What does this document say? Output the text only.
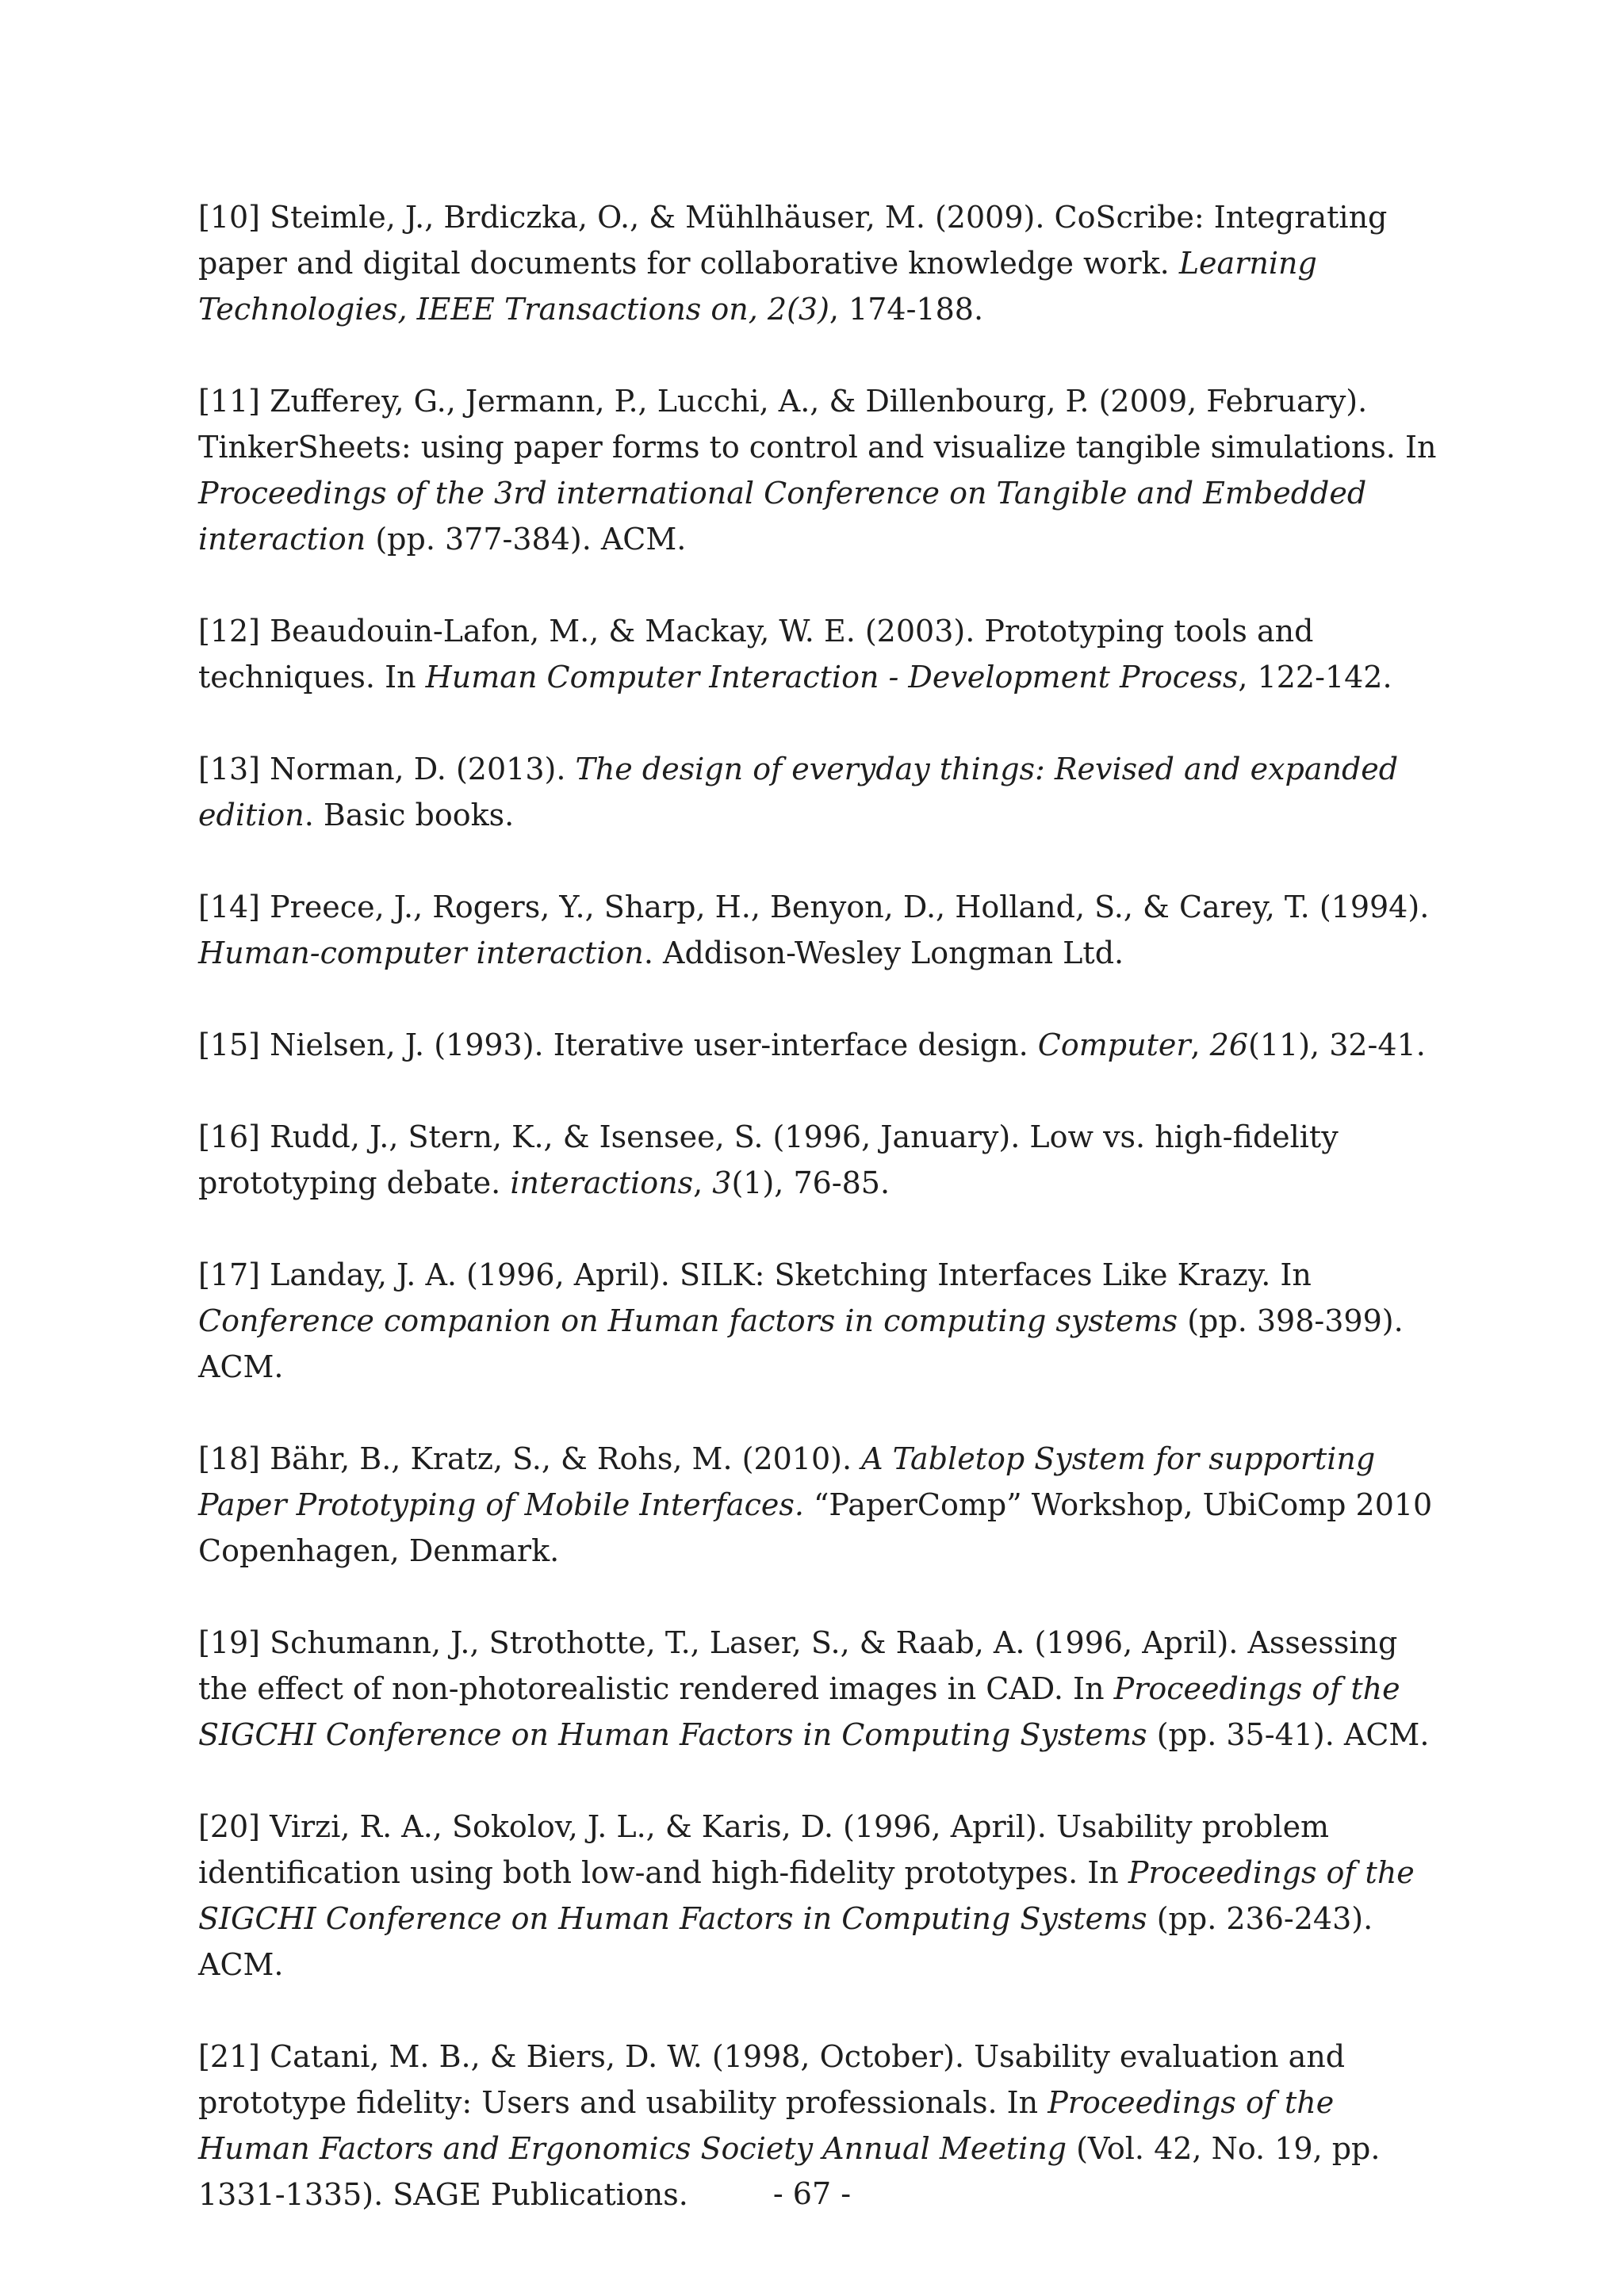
[10] Steimle, J., Brdiczka, O., & Mühlhäuser, M. (2009). CoScribe: Integrating paper and digital documents for collaborative knowledge work. Learning Technologies, IEEE Transactions on, 2(3), 174-188.

[11] Zufferey, G., Jermann, P., Lucchi, A., & Dillenbourg, P. (2009, February). TinkerSheets: using paper forms to control and visualize tangible simulations. In Proceedings of the 3rd international Conference on Tangible and Embedded interaction (pp. 377-384). ACM.

[12] Beaudouin-Lafon, M., & Mackay, W. E. (2003). Prototyping tools and techniques. In Human Computer Interaction - Development Process, 122-142.

[13] Norman, D. (2013). The design of everyday things: Revised and expanded edition. Basic books.

[14] Preece, J., Rogers, Y., Sharp, H., Benyon, D., Holland, S., & Carey, T. (1994). Human-computer interaction. Addison-Wesley Longman Ltd.

[15] Nielsen, J. (1993). Iterative user-interface design. Computer, 26(11), 32-41.

[16] Rudd, J., Stern, K., & Isensee, S. (1996, January). Low vs. high-fidelity prototyping debate. interactions, 3(1), 76-85.

[17] Landay, J. A. (1996, April). SILK: Sketching Interfaces Like Krazy. In Conference companion on Human factors in computing systems (pp. 398-399). ACM.

[18] Bähr, B., Kratz, S., & Rohs, M. (2010). A Tabletop System for supporting Paper Prototyping of Mobile Interfaces. “PaperComp” Workshop, UbiComp 2010 Copenhagen, Denmark.

[19] Schumann, J., Strothotte, T., Laser, S., & Raab, A. (1996, April). Assessing the effect of non-photorealistic rendered images in CAD. In Proceedings of the SIGCHI Conference on Human Factors in Computing Systems (pp. 35-41). ACM.

[20] Virzi, R. A., Sokolov, J. L., & Karis, D. (1996, April). Usability problem identification using both low-and high-fidelity prototypes. In Proceedings of the SIGCHI Conference on Human Factors in Computing Systems (pp. 236-243). ACM.

[21] Catani, M. B., & Biers, D. W. (1998, October). Usability evaluation and prototype fidelity: Users and usability professionals. In Proceedings of the Human Factors and Ergonomics Society Annual Meeting (Vol. 42, No. 19, pp. 1331-1335). SAGE Publications.	- 67 -
